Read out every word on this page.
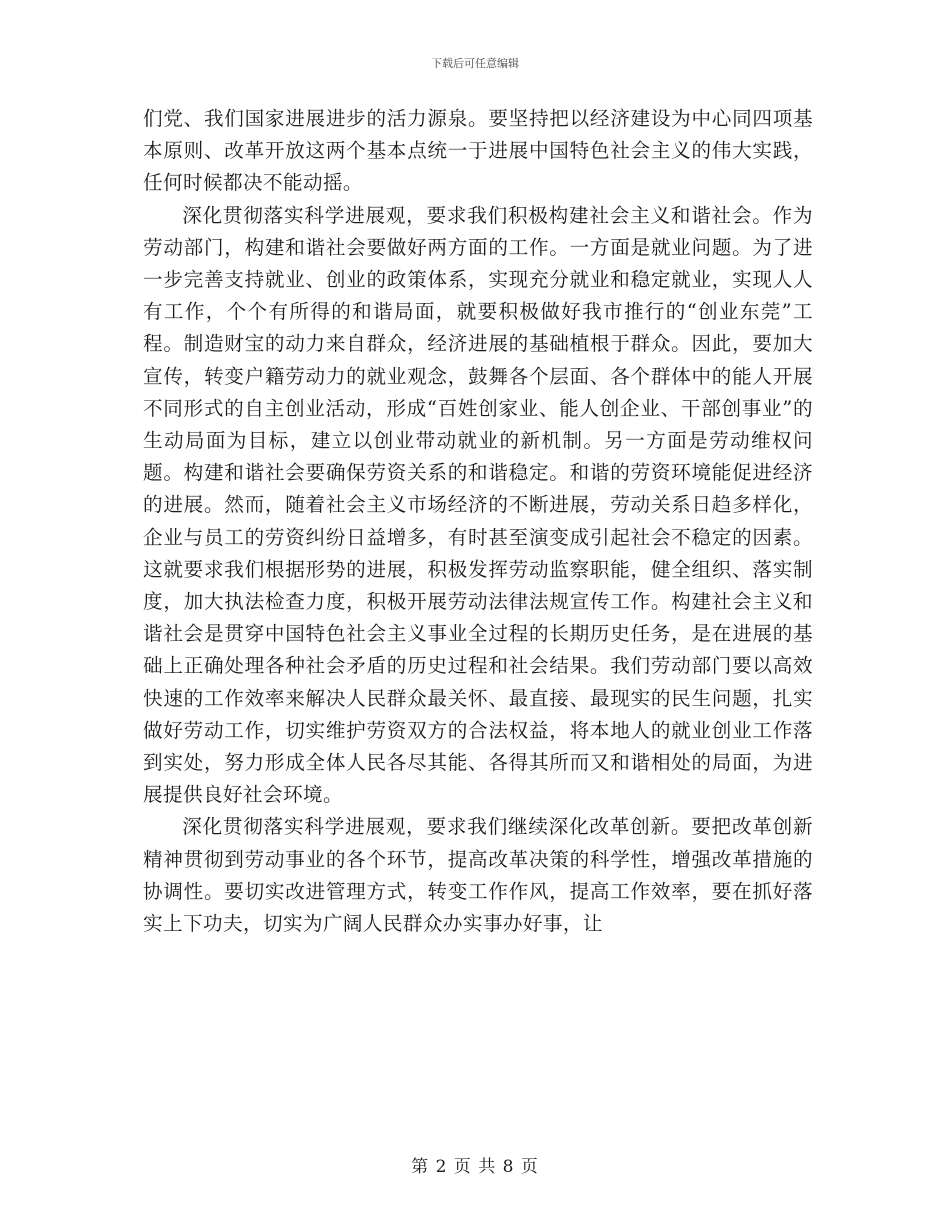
下载后可任意编辑

们党、我们国家进展进步的活力源泉。要坚持把以经济建设为中心同四项基本原则、改革开放这两个基本点统一于进展中国特色社会主义的伟大实践，任何时候都决不能动摇。

深化贯彻落实科学进展观，要求我们积极构建社会主义和谐社会。作为劳动部门，构建和谐社会要做好两方面的工作。一方面是就业问题。为了进一步完善支持就业、创业的政策体系，实现充分就业和稳定就业，实现人人有工作，个个有所得的和谐局面，就要积极做好我市推行的“创业东莞”工程。制造财宝的动力来自群众，经济进展的基础植根于群众。因此，要加大宣传，转变户籍劳动力的就业观念，鼓舞各个层面、各个群体中的能人开展不同形式的自主创业活动，形成“百姓创家业、能人创企业、干部创事业”的生动局面为目标，建立以创业带动就业的新机制。另一方面是劳动维权问题。构建和谐社会要确保劳资关系的和谐稳定。和谐的劳资环境能促进经济的进展。然而，随着社会主义市场经济的不断进展，劳动关系日趋多样化，企业与员工的劳资纠纷日益增多，有时甚至演变成引起社会不稳定的因素。这就要求我们根据形势的进展，积极发挥劳动监察职能，健全组织、落实制度，加大执法检查力度，积极开展劳动法律法规宣传工作。构建社会主义和谐社会是贯穿中国特色社会主义事业全过程的长期历史任务，是在进展的基础上正确处理各种社会矛盾的历史过程和社会结果。我们劳动部门要以高效快速的工作效率来解决人民群众最关怀、最直接、最现实的民生问题，扎实做好劳动工作，切实维护劳资双方的合法权益，将本地人的就业创业工作落到实处，努力形成全体人民各尽其能、各得其所而又和谐相处的局面，为进展提供良好社会环境。

深化贯彻落实科学进展观，要求我们继续深化改革创新。要把改革创新精神贯彻到劳动事业的各个环节，提高改革决策的科学性，增强改革措施的协调性。要切实改进管理方式，转变工作作风，提高工作效率，要在抓好落实上下功夫，切实为广阔人民群众办实事办好事，让

第 2 页 共 8 页
